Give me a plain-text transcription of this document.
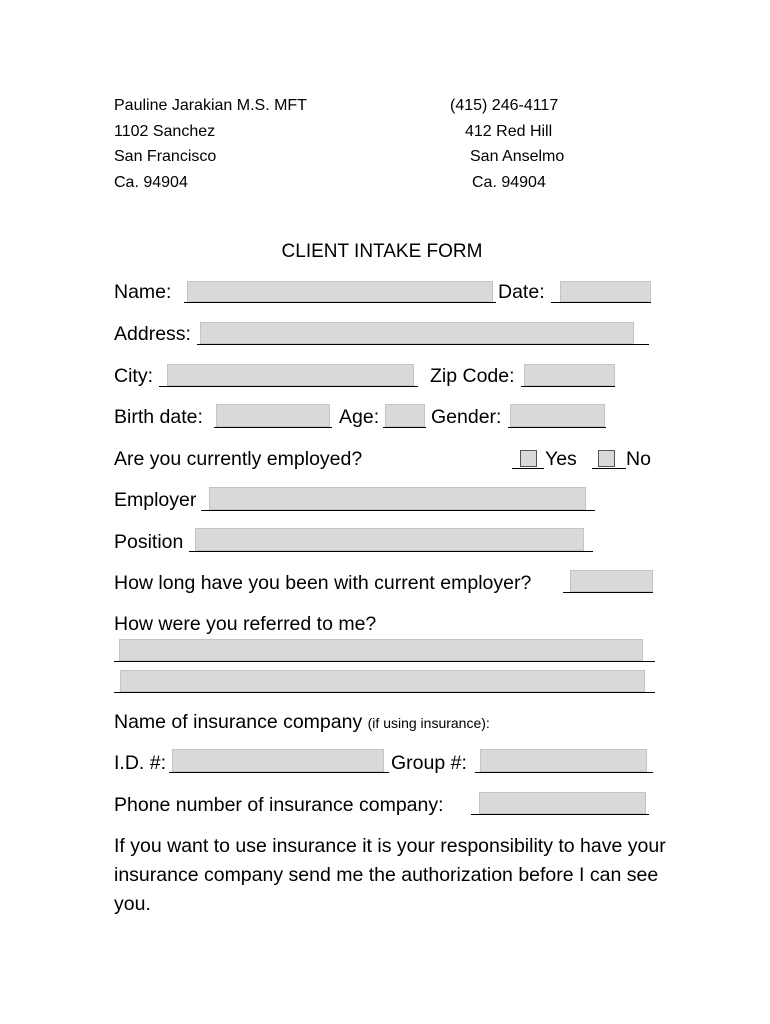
Pauline Jarakian M.S. MFT
1102 Sanchez
San Francisco
Ca. 94904
(415) 246-4117
412 Red Hill
San Anselmo
Ca. 94904
CLIENT INTAKE FORM
Name:	Date:
Address:
City:	Zip Code:
Birth date:	Age:	Gender:
Are you currently employed?	Yes	No
Employer
Position
How long have you been with current employer?
How were you referred to me?
Name of insurance company (if using insurance):
I.D. #:	Group #:
Phone number of insurance company:
If you want to use insurance it is your responsibility to have your insurance company send me the authorization before I can see you.
